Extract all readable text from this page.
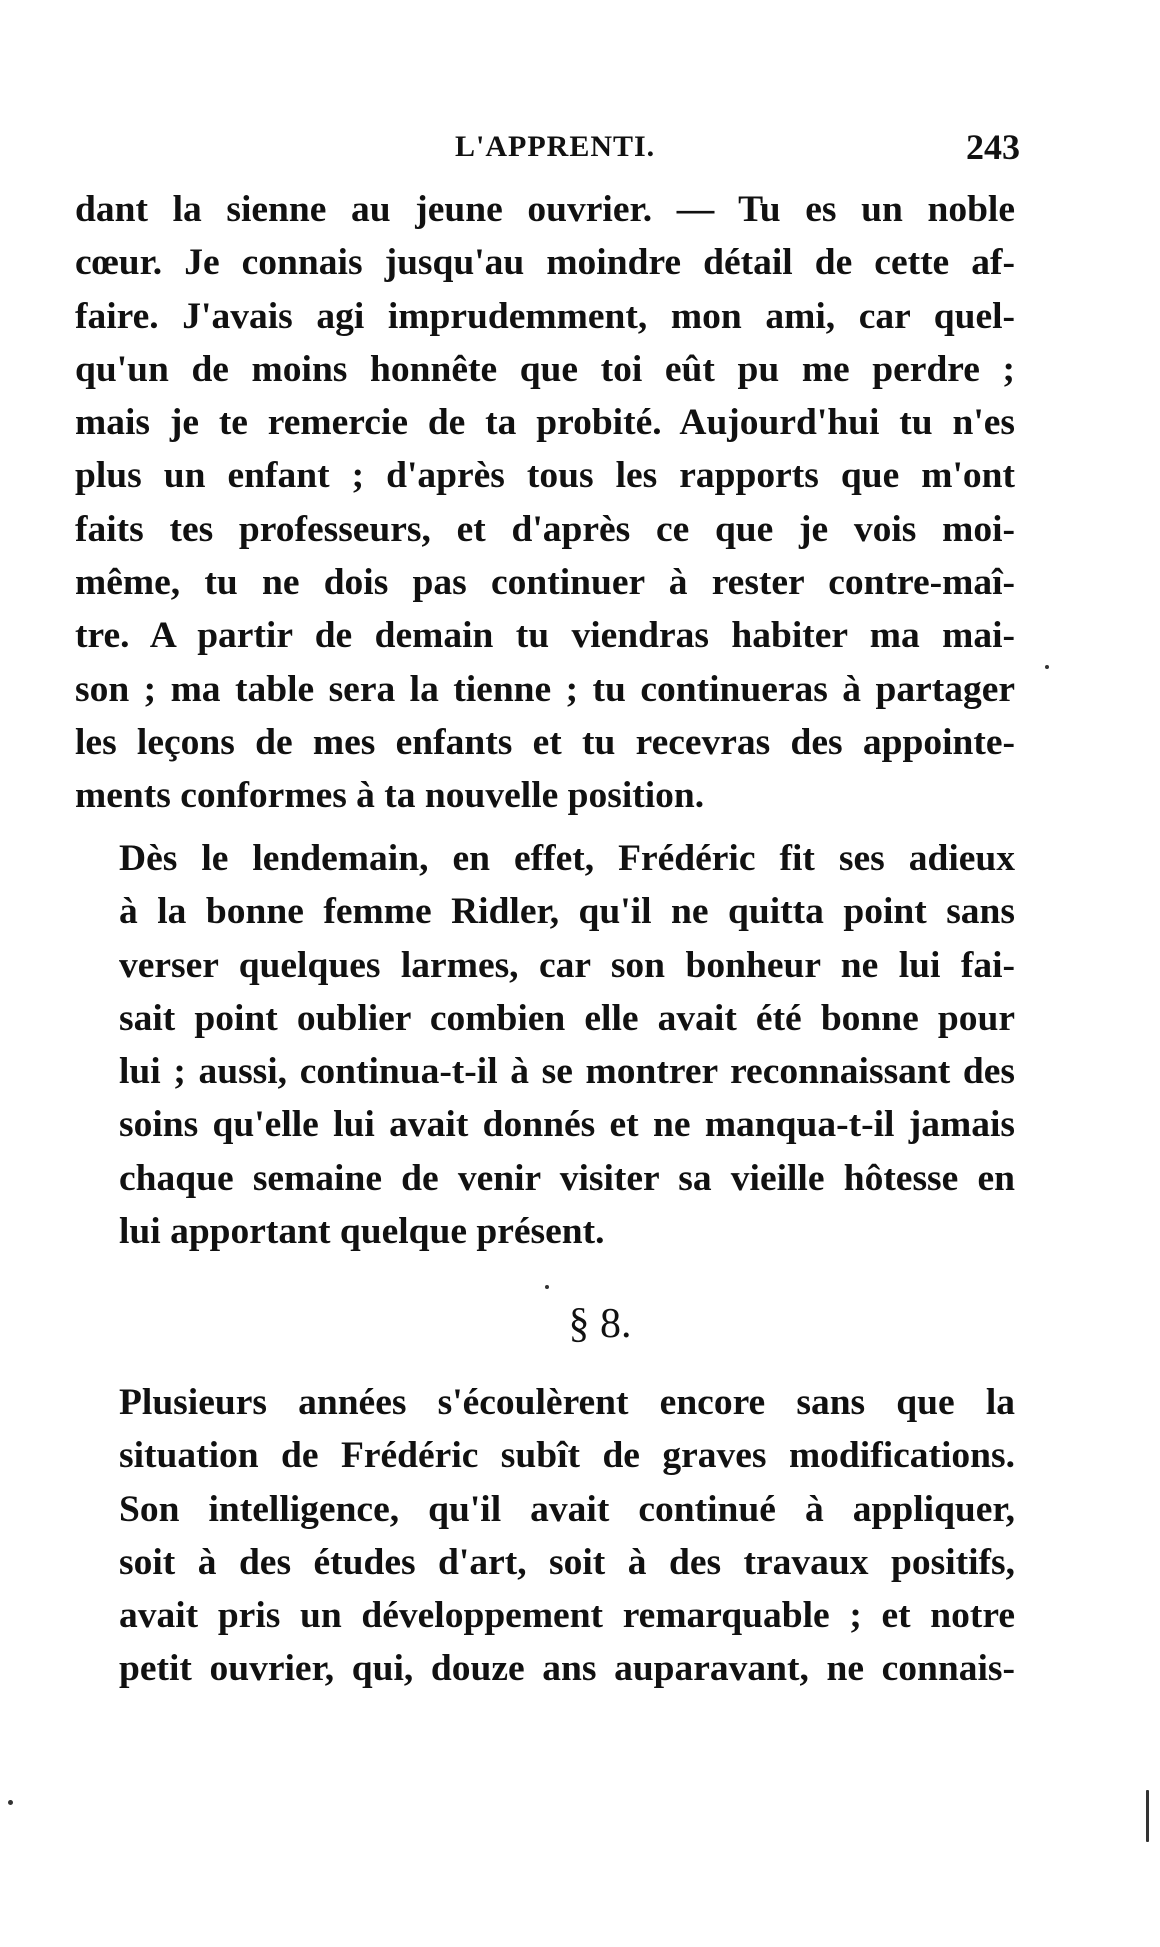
L'APPRENTI.	243

dant la sienne au jeune ouvrier. — Tu es un noble
cœur. Je connais jusqu'au moindre détail de cette af-
faire. J'avais agi imprudemment, mon ami, car quel-
qu'un de moins honnête que toi eût pu me perdre ;
mais je te remercie de ta probité. Aujourd'hui tu n'es
plus un enfant ; d'après tous les rapports que m'ont
faits tes professeurs, et d'après ce que je vois moi-
même, tu ne dois pas continuer à rester contre-maî-
tre. A partir de demain tu viendras habiter ma mai-
son ; ma table sera la tienne ; tu continueras à partager
les leçons de mes enfants et tu recevras des appointe-
ments conformes à ta nouvelle position.

Dès le lendemain, en effet, Frédéric fit ses adieux
à la bonne femme Ridler, qu'il ne quitta point sans
verser quelques larmes, car son bonheur ne lui fai-
sait point oublier combien elle avait été bonne pour
lui ; aussi, continua-t-il à se montrer reconnaissant des
soins qu'elle lui avait donnés et ne manqua-t-il jamais
chaque semaine de venir visiter sa vieille hôtesse en
lui apportant quelque présent.

§ 8.

Plusieurs années s'écoulèrent encore sans que la
situation de Frédéric subît de graves modifications.
Son intelligence, qu'il avait continué à appliquer,
soit à des études d'art, soit à des travaux positifs,
avait pris un développement remarquable ; et notre
petit ouvrier, qui, douze ans auparavant, ne connais-
